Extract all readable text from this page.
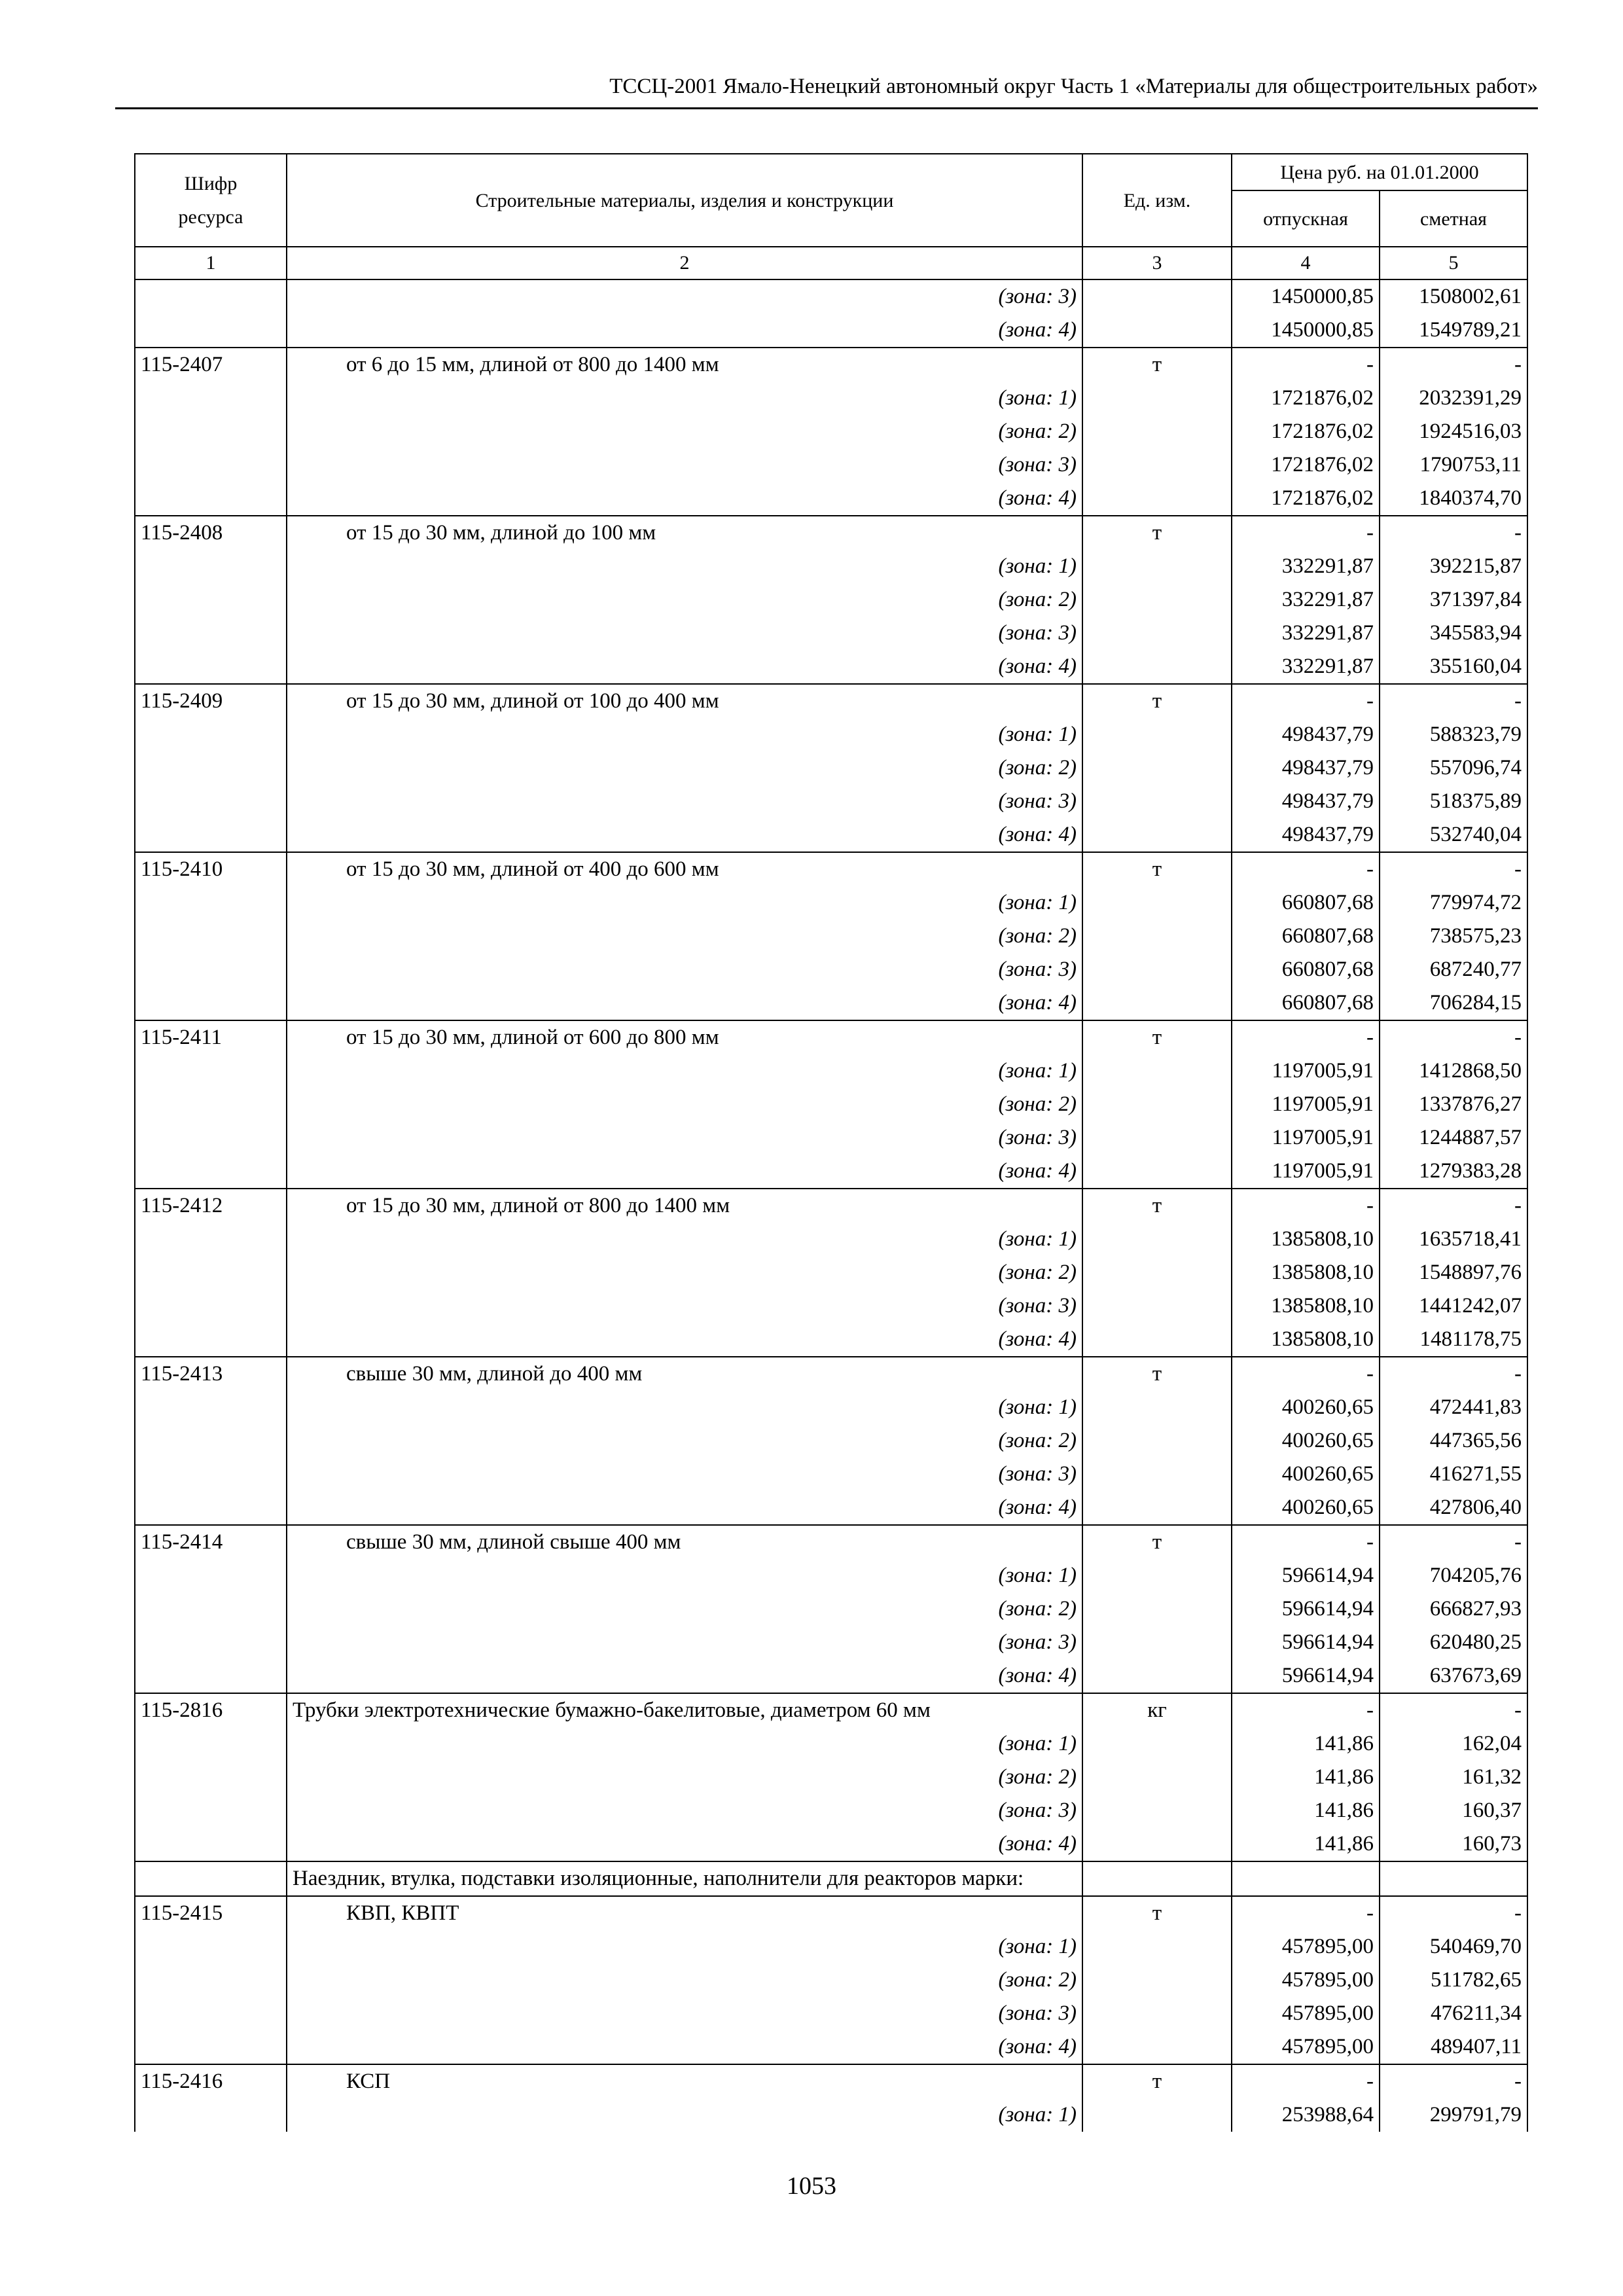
ТССЦ-2001 Ямало-Ненецкий автономный округ Часть 1 «Материалы для общестроительных работ»
Шифр ресурса	Строительные материалы, изделия и конструкции	Ед. изм.	Цена руб. на 01.01.2000	
			отпускная	сметная
1	2	3	4	5
	(зона: 3)		1450000,85	1508002,61
	(зона: 4)		1450000,85	1549789,21
115-2407	от 6 до 15 мм, длиной от 800 до 1400 мм	т	-	-
	(зона: 1)		1721876,02	2032391,29
	(зона: 2)		1721876,02	1924516,03
	(зона: 3)		1721876,02	1790753,11
	(зона: 4)		1721876,02	1840374,70
115-2408	от 15 до 30 мм, длиной до 100 мм	т	-	-
	(зона: 1)		332291,87	392215,87
	(зона: 2)		332291,87	371397,84
	(зона: 3)		332291,87	345583,94
	(зона: 4)		332291,87	355160,04
115-2409	от 15 до 30 мм, длиной от 100 до 400 мм	т	-	-
	(зона: 1)		498437,79	588323,79
	(зона: 2)		498437,79	557096,74
	(зона: 3)		498437,79	518375,89
	(зона: 4)		498437,79	532740,04
115-2410	от 15 до 30 мм, длиной от 400 до 600 мм	т	-	-
	(зона: 1)		660807,68	779974,72
	(зона: 2)		660807,68	738575,23
	(зона: 3)		660807,68	687240,77
	(зона: 4)		660807,68	706284,15
115-2411	от 15 до 30 мм, длиной от 600 до 800 мм	т	-	-
	(зона: 1)		1197005,91	1412868,50
	(зона: 2)		1197005,91	1337876,27
	(зона: 3)		1197005,91	1244887,57
	(зона: 4)		1197005,91	1279383,28
115-2412	от 15 до 30 мм, длиной от 800 до 1400 мм	т	-	-
	(зона: 1)		1385808,10	1635718,41
	(зона: 2)		1385808,10	1548897,76
	(зона: 3)		1385808,10	1441242,07
	(зона: 4)		1385808,10	1481178,75
115-2413	свыше 30 мм, длиной до 400 мм	т	-	-
	(зона: 1)		400260,65	472441,83
	(зона: 2)		400260,65	447365,56
	(зона: 3)		400260,65	416271,55
	(зона: 4)		400260,65	427806,40
115-2414	свыше 30 мм, длиной свыше 400 мм	т	-	-
	(зона: 1)		596614,94	704205,76
	(зона: 2)		596614,94	666827,93
	(зона: 3)		596614,94	620480,25
	(зона: 4)		596614,94	637673,69
115-2816	Трубки электротехнические бумажно-бакелитовые, диаметром 60 мм	кг	-	-
	(зона: 1)		141,86	162,04
	(зона: 2)		141,86	161,32
	(зона: 3)		141,86	160,37
	(зона: 4)		141,86	160,73
	Наездник, втулка, подставки изоляционные, наполнители для реакторов марки:			
115-2415	КВП, КВПТ	т	-	-
	(зона: 1)		457895,00	540469,70
	(зона: 2)		457895,00	511782,65
	(зона: 3)		457895,00	476211,34
	(зона: 4)		457895,00	489407,11
115-2416	КСП	т	-	-
	(зона: 1)		253988,64	299791,79
1053
